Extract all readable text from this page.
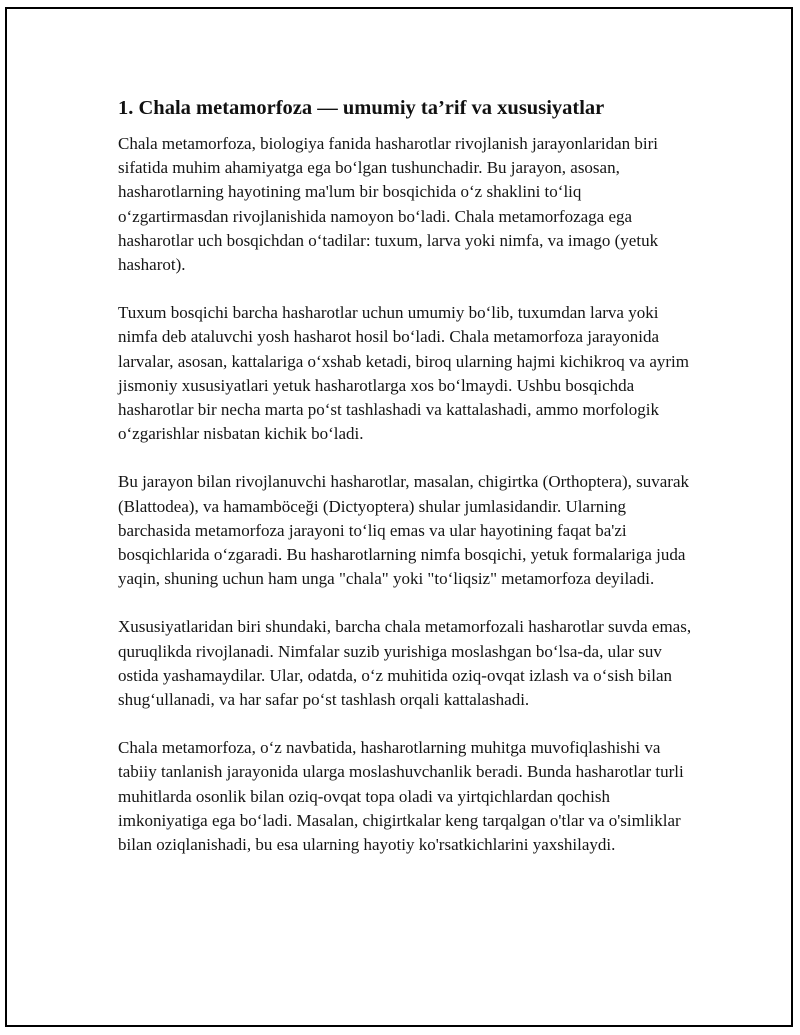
1. Chala metamorfoza — umumiy ta’rif va xususiyatlar

Chala metamorfoza, biologiya fanida hasharotlar rivojlanish jarayonlaridan biri sifatida muhim ahamiyatga ega bo‘lgan tushunchadir. Bu jarayon, asosan, hasharotlarning hayotining ma'lum bir bosqichida o‘z shaklini to‘liq o‘zgartirmasdan rivojlanishida namoyon bo‘ladi. Chala metamorfozaga ega hasharotlar uch bosqichdan o‘tadilar: tuxum, larva yoki nimfa, va imago (yetuk hasharot).

Tuxum bosqichi barcha hasharotlar uchun umumiy bo‘lib, tuxumdan larva yoki nimfa deb ataluvchi yosh hasharot hosil bo‘ladi. Chala metamorfoza jarayonida larvalar, asosan, kattalariga o‘xshab ketadi, biroq ularning hajmi kichikroq va ayrim jismoniy xususiyatlari yetuk hasharotlarga xos bo‘lmaydi. Ushbu bosqichda hasharotlar bir necha marta po‘st tashlashadi va kattalashadi, ammo morfologik o‘zgarishlar nisbatan kichik bo‘ladi.

Bu jarayon bilan rivojlanuvchi hasharotlar, masalan, chigirtka (Orthoptera), suvarak (Blattodea), va hamamböceği (Dictyoptera) shular jumlasidandir. Ularning barchasida metamorfoza jarayoni to‘liq emas va ular hayotining faqat ba'zi bosqichlarida o‘zgaradi. Bu hasharotlarning nimfa bosqichi, yetuk formalariga juda yaqin, shuning uchun ham unga "chala" yoki "to‘liqsiz" metamorfoza deyiladi.

Xususiyatlaridan biri shundaki, barcha chala metamorfozali hasharotlar suvda emas, quruqlikda rivojlanadi. Nimfalar suzib yurishiga moslashgan bo‘lsa-da, ular suv ostida yashamaydilar. Ular, odatda, o‘z muhitida oziq-ovqat izlash va o‘sish bilan shug‘ullanadi, va har safar po‘st tashlash orqali kattalashadi.

Chala metamorfoza, o‘z navbatida, hasharotlarning muhitga muvofiqlashishi va tabiiy tanlanish jarayonida ularga moslashuvchanlik beradi. Bunda hasharotlar turli muhitlarda osonlik bilan oziq-ovqat topa oladi va yirtqichlardan qochish imkoniyatiga ega bo‘ladi. Masalan, chigirtkalar keng tarqalgan o'tlar va o'simliklar bilan oziqlanishadi, bu esa ularning hayotiy ko'rsatkichlarini yaxshilaydi.
